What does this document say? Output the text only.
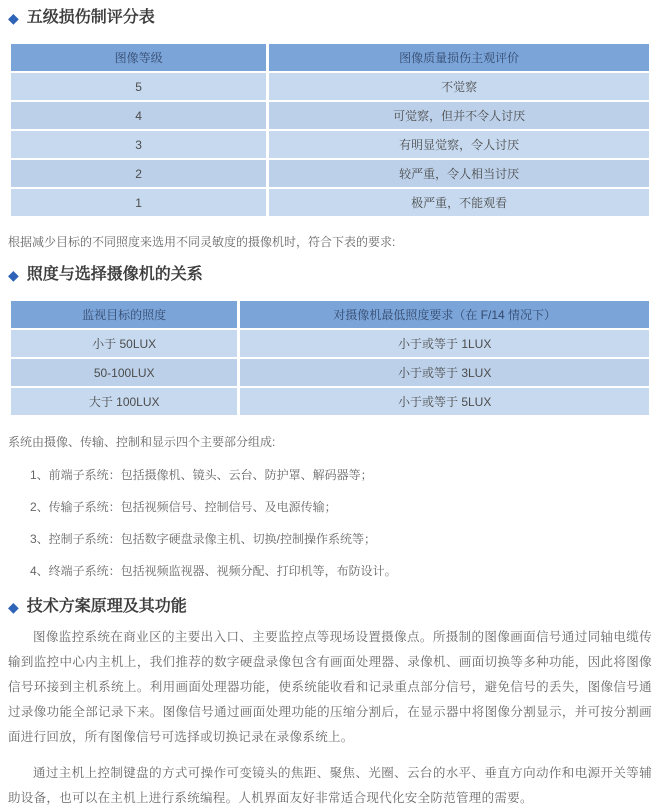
◆ 五级损伤制评分表
图像等级	图像质量损伤主观评价
5	不觉察
4	可觉察，但并不令人讨厌
3	有明显觉察，令人讨厌
2	较严重，令人相当讨厌
1	极严重，不能观看
根据减少目标的不同照度来选用不同灵敏度的摄像机时，符合下表的要求:
◆ 照度与选择摄像机的关系
监视目标的照度	对摄像机最低照度要求（在 F/14 情况下）
小于 50LUX	小于或等于 1LUX
50-100LUX	小于或等于 3LUX
大于 100LUX	小于或等于 5LUX
系统由摄像、传输、控制和显示四个主要部分组成:
1、前端子系统：包括摄像机、镜头、云台、防护罩、解码器等；
2、传输子系统：包括视频信号、控制信号、及电源传输；
3、控制子系统：包括数字硬盘录像主机、切换/控制操作系统等；
4、终端子系统：包括视频监视器、视频分配、打印机等，布防设计。
◆ 技术方案原理及其功能
图像监控系统在商业区的主要出入口、主要监控点等现场设置摄像点。所摄制的图像画面信号通过同轴电缆传输到监控中心内主机上，我们推荐的数字硬盘录像包含有画面处理器、录像机、画面切换等多种功能，因此将图像信号环接到主机系统上。利用画面处理器功能，使系统能收看和记录重点部分信号，避免信号的丢失，图像信号通过录像功能全部记录下来。图像信号通过画面处理功能的压缩分割后，在显示器中将图像分割显示，并可按分割画面进行回放，所有图像信号可选择或切换记录在录像系统上。
通过主机上控制键盘的方式可操作可变镜头的焦距、聚焦、光圈、云台的水平、垂直方向动作和电源开关等辅助设备，也可以在主机上进行系统编程。人机界面友好非常适合现代化安全防范管理的需要。
